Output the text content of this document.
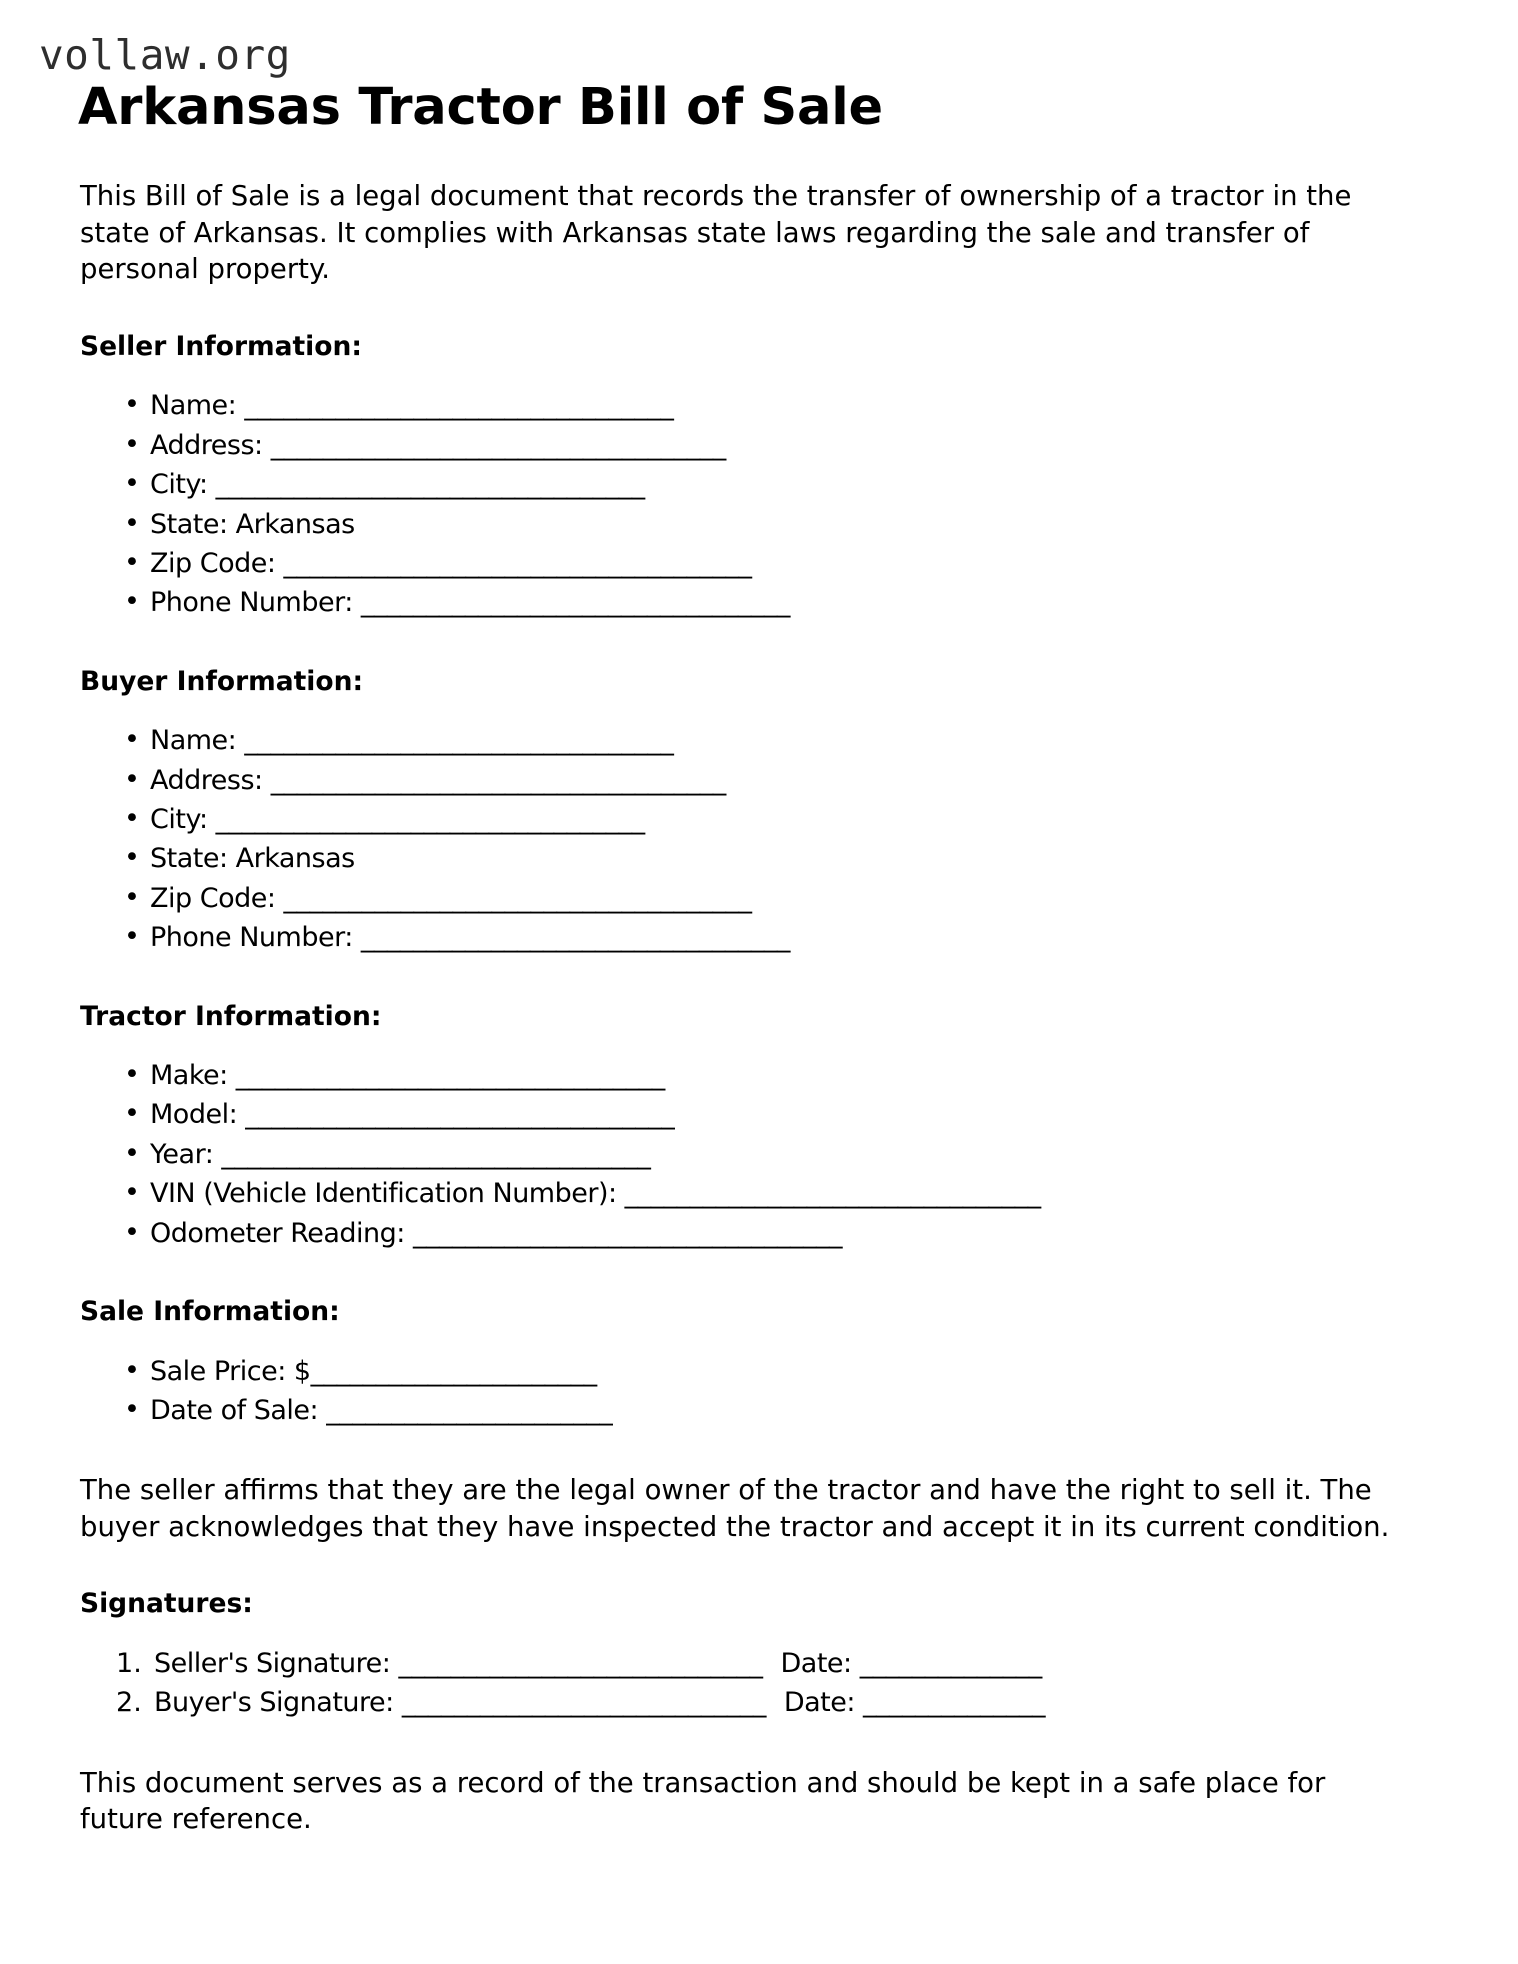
vollaw.org
Arkansas Tractor Bill of Sale

This Bill of Sale is a legal document that records the transfer of ownership of a tractor in the state of Arkansas. It complies with Arkansas state laws regarding the sale and transfer of personal property.

Seller Information:
• Name: _________________________________
• Address: ___________________________________
• City: _________________________________
• State: Arkansas
• Zip Code: ____________________________________
• Phone Number: _________________________________
Buyer Information:
• Name: _________________________________
• Address: ___________________________________
• City: _________________________________
• State: Arkansas
• Zip Code: ____________________________________
• Phone Number: _________________________________
Tractor Information:
• Make: _________________________________
• Model: _________________________________
• Year: _________________________________
• VIN (Vehicle Identification Number): ________________________________
• Odometer Reading: _________________________________
Sale Information:
• Sale Price: $______________________
• Date of Sale: ______________________

The seller affirms that they are the legal owner of the tractor and have the right to sell it. The buyer acknowledges that they have inspected the tractor and accept it in its current condition.

Signatures:
Seller's Signature: ____________________________ Date: ______________
Buyer's Signature: ____________________________ Date: ______________

This document serves as a record of the transaction and should be kept in a safe place for future reference.
